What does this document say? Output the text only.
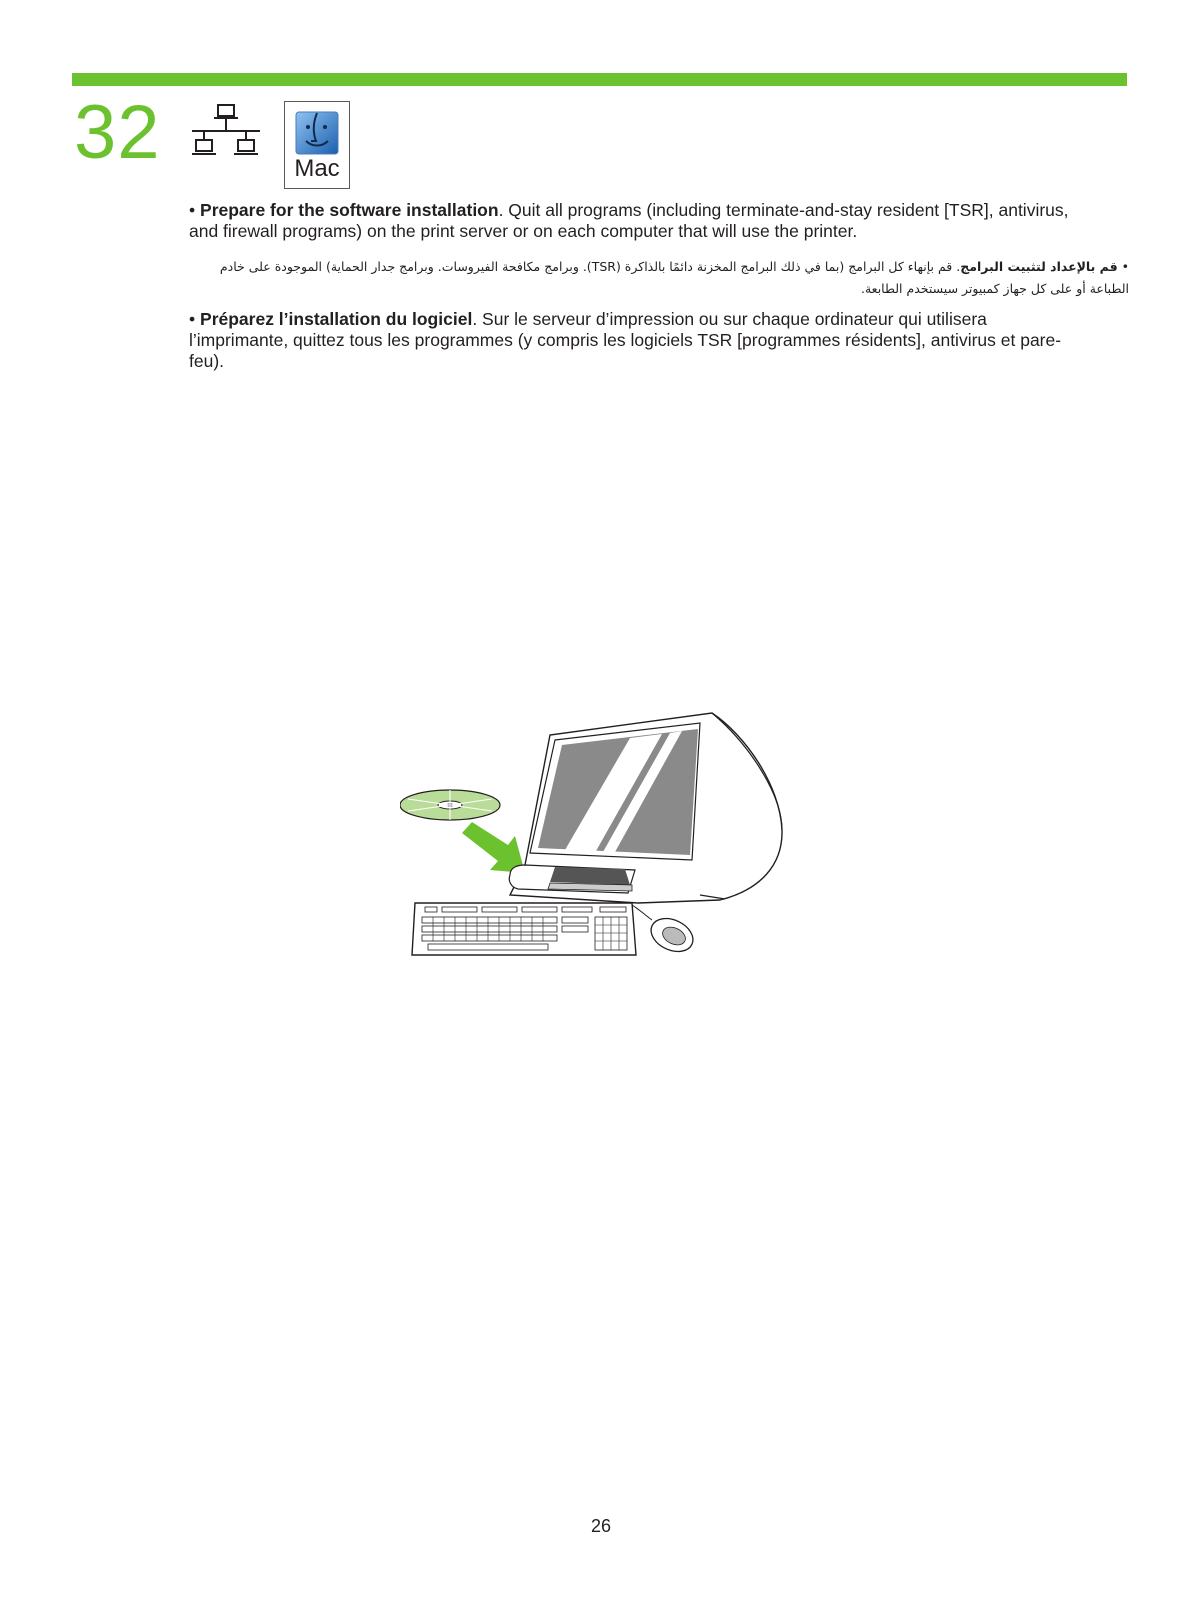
32	Mac
• Prepare for the software installation. Quit all programs (including terminate-and-stay resident [TSR], antivirus, and firewall programs) on the print server or on each computer that will use the printer.
• قم بالإعداد لتثبيت البرامج. قم بإنهاء كل البرامج (بما في ذلك البرامج المخزنة دائمًا بالذاكرة (TSR). وبرامج مكافحة الفيروسات. وبرامج جدار الحماية) الموجودة على خادم الطباعة أو على كل جهاز كمبيوتر سيستخدم الطابعة.
• Préparez l’installation du logiciel. Sur le serveur d’impression ou sur chaque ordinateur qui utilisera l’imprimante, quittez tous les programmes (y compris les logiciels TSR [programmes résidents], antivirus et pare-feu).
26
